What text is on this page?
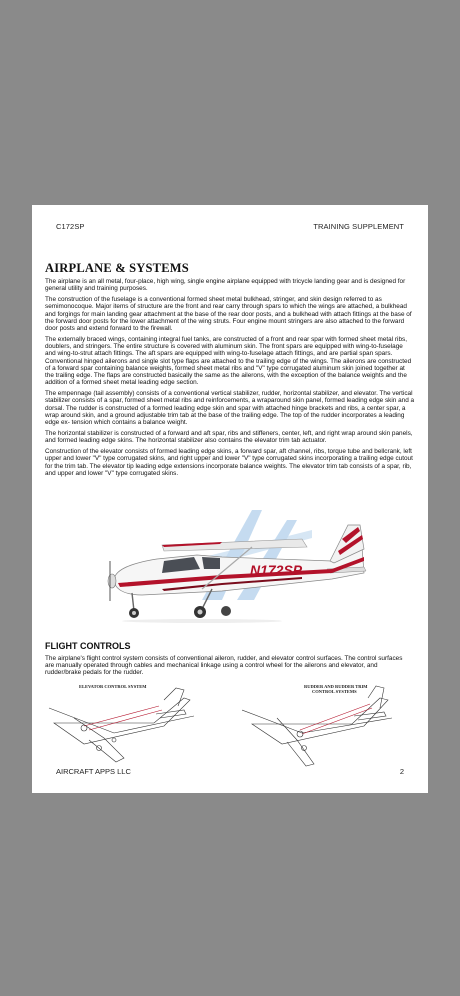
C172SP	TRAINING SUPPLEMENT
AIRPLANE & SYSTEMS

The airplane is an all metal, four-place, high wing, single engine airplane equipped with tricycle landing gear and is designed for general utility and training purposes.

The construction of the fuselage is a conventional formed sheet metal bulkhead, stringer, and skin design referred to as semimonocoque. Major items of structure are the front and rear carry through spars to which the wings are attached, a bulkhead and forgings for main landing gear attachment at the base of the rear door posts, and a bulkhead with attach fittings at the base of the forward door posts for the lower attachment of the wing struts. Four engine mount stringers are also attached to the forward door posts and extend forward to the firewall.

The externally braced wings, containing integral fuel tanks, are constructed of a front and rear spar with formed sheet metal ribs, doublers, and stringers. The entire structure is covered with aluminum skin. The front spars are equipped with wing-to-fuselage and wing-to-strut attach fittings. The aft spars are equipped with wing-to-fuselage attach fittings, and are partial span spars. Conventional hinged ailerons and single slot type flaps are attached to the trailing edge of the wings. The ailerons are constructed of a forward spar containing balance weights, formed sheet metal ribs and "V" type corrugated aluminum skin joined together at the trailing edge. The flaps are constructed basically the same as the ailerons, with the exception of the balance weights and the addition of a formed sheet metal leading edge section.

The empennage (tail assembly) consists of a conventional vertical stabilizer, rudder, horizontal stabilizer, and elevator. The vertical stabilizer consists of a spar, formed sheet metal ribs and reinforcements, a wraparound skin panel, formed leading edge skin and a dorsal. The rudder is constructed of a formed leading edge skin and spar with attached hinge brackets and ribs, a center spar, a wrap around skin, and a ground adjustable trim tab at the base of the trailing edge. The top of the rudder incorporates a leading edge ex- tension which contains a balance weight.

The horizontal stabilizer is constructed of a forward and aft spar, ribs and stiffeners, center, left, and right wrap around skin panels, and formed leading edge skins. The horizontal stabilizer also contains the elevator trim tab actuator.

Construction of the elevator consists of formed leading edge skins, a forward spar, aft channel, ribs, torque tube and bellcrank, left upper and lower "V" type corrugated skins, and right upper and lower "V" type corrugated skins incorporating a trailing edge cutout for the trim tab. The elevator tip leading edge extensions incorporate balance weights. The elevator trim tab consists of a spar, rib, and upper and lower "V" type corrugated skins.

N172SP
FLIGHT CONTROLS

The airplane's flight control system consists of conventional aileron, rudder, and elevator control surfaces. The control surfaces are manually operated through cables and mechanical linkage using a control wheel for the ailerons and elevator, and rudder/brake pedals for the rudder.

ELEVATOR CONTROL SYSTEM	RUDDER AND RUDDER TRIM
CONTROL SYSTEMS
AIRCRAFT APPS LLC	2
